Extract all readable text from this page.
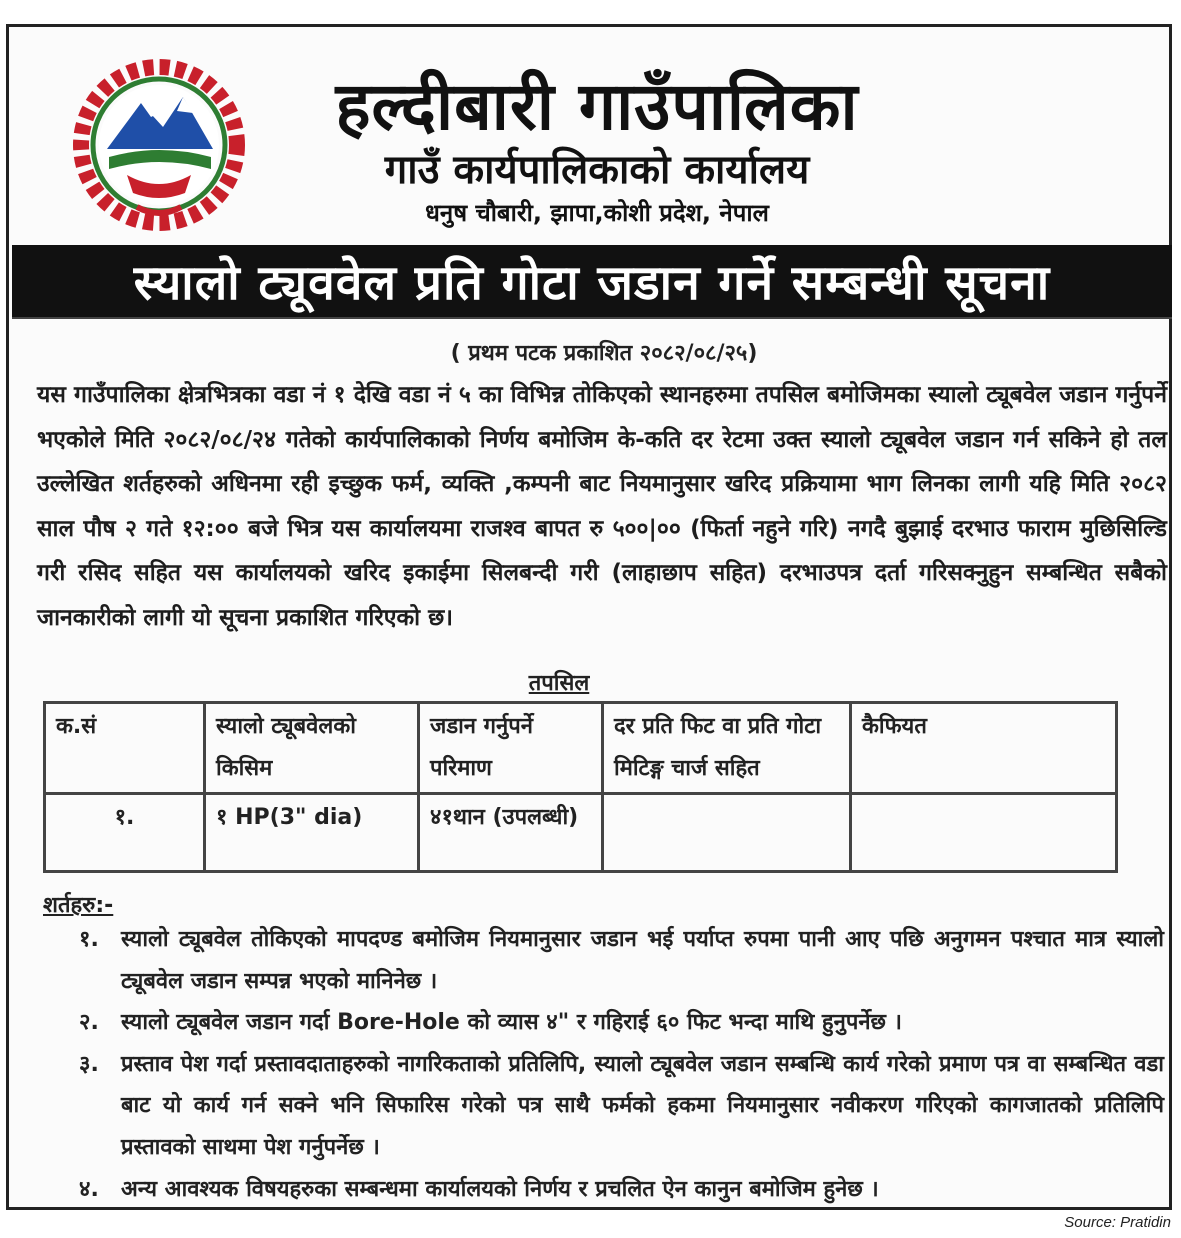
हल्दीबारी गाउँपालिका
गाउँ कार्यपालिकाको कार्यालय
धनुष चौबारी, झापा,कोशी प्रदेश, नेपाल
स्यालो ट्यूववेल प्रति गोटा जडान गर्ने सम्बन्धी सूचना
( प्रथम पटक प्रकाशित २०८२/०८/२५)
यस गाउँपालिका क्षेत्रभित्रका वडा नं १ देखि वडा नं ५ का विभिन्न तोकिएको स्थानहरुमा तपसिल बमोजिमका स्यालो ट्यूबवेल जडान गर्नुपर्ने भएकोले मिति २०८२/०८/२४ गतेको कार्यपालिकाको निर्णय बमोजिम के-कति दर रेटमा उक्त स्यालो ट्यूबवेल जडान गर्न सकिने हो तल उल्लेखित शर्तहरुको अधिनमा रही इच्छुक फर्म, व्यक्ति ,कम्पनी बाट नियमानुसार खरिद प्रक्रियामा भाग लिनका लागी यहि मिति २०८२ साल पौष २ गते १२:०० बजे भित्र यस कार्यालयमा राजश्व बापत रु ५००|०० (फिर्ता नहुने गरि) नगदै बुझाई दरभाउ फाराम मुछिसिल्डि गरी रसिद सहित यस कार्यालयको खरिद इकाईमा सिलबन्दी गरी (लाहाछाप सहित) दरभाउपत्र दर्ता गरिसक्नुहुन सम्बन्धित सबैको जानकारीको लागी यो सूचना प्रकाशित गरिएको छ।
तपसिल
क.सं	स्यालो ट्यूबवेलको किसिम	जडान गर्नुपर्ने परिमाण	दर प्रति फिट वा प्रति गोटा मिटिङ्ग चार्ज सहित	कैफियत
१.	१ HP(3" dia)	४१थान (उपलब्धी)		
शर्तहरु:-
१. स्यालो ट्यूबवेल तोकिएको मापदण्ड बमोजिम नियमानुसार जडान भई पर्याप्त रुपमा पानी आए पछि अनुगमन पश्चात मात्र स्यालो ट्यूबवेल जडान सम्पन्न भएको मानिनेछ ।
२. स्यालो ट्यूबवेल जडान गर्दा Bore-Hole को व्यास ४" र गहिराई ६० फिट भन्दा माथि हुनुपर्नेछ ।
३. प्रस्ताव पेश गर्दा प्रस्तावदाताहरुको नागरिकताको प्रतिलिपि, स्यालो ट्यूबवेल जडान सम्बन्धि कार्य गरेको प्रमाण पत्र वा सम्बन्धित वडा बाट यो कार्य गर्न सक्ने भनि सिफारिस गरेको पत्र साथै फर्मको हकमा नियमानुसार नवीकरण गरिएको कागजातको प्रतिलिपि प्रस्तावको साथमा पेश गर्नुपर्नेछ ।
४. अन्य आवश्यक विषयहरुका सम्बन्धमा कार्यालयको निर्णय र प्रचलित ऐन कानुन बमोजिम हुनेछ ।
Source: Pratidin
